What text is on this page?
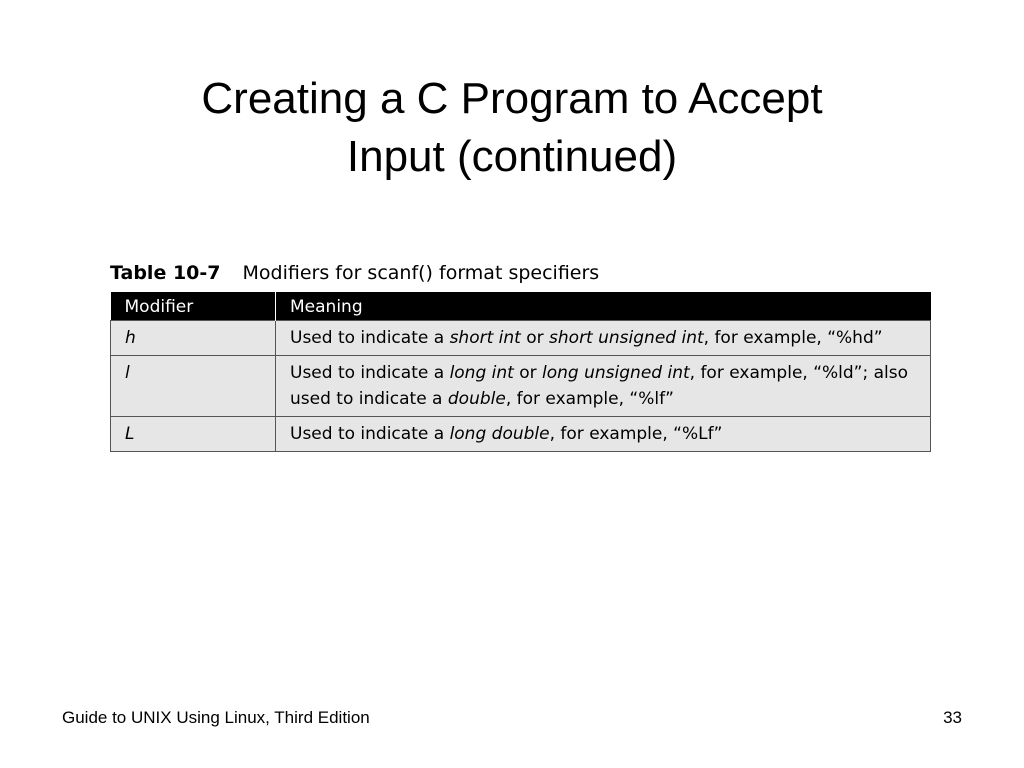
Creating a C Program to Accept
Input (continued)
Table 10-7 Modifiers for scanf() format specifiers
Modifier	Meaning
h	Used to indicate a short int or short unsigned int, for example, “%hd”
l	Used to indicate a long int or long unsigned int, for example, “%ld”; also used to indicate a double, for example, “%lf”
L	Used to indicate a long double, for example, “%Lf”
Guide to UNIX Using Linux, Third Edition	33
